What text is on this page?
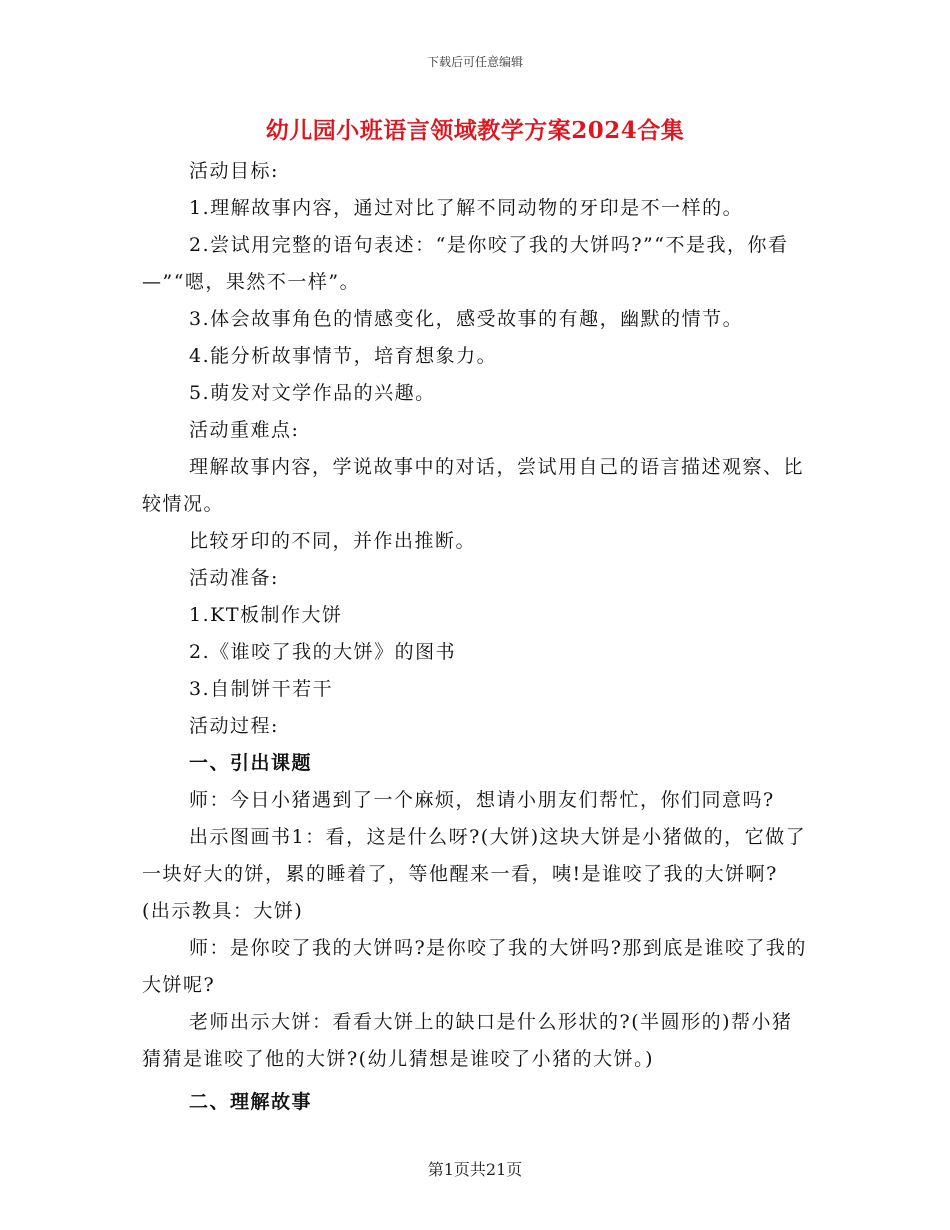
下载后可任意编辑
幼儿园小班语言领域教学方案2024合集

活动目标:

1.理解故事内容，通过对比了解不同动物的牙印是不一样的。

2.尝试用完整的语句表述：“是你咬了我的大饼吗?”“不是我，你看—”“嗯，果然不一样”。

3.体会故事角色的情感变化，感受故事的有趣，幽默的情节。

4.能分析故事情节，培育想象力。

5.萌发对文学作品的兴趣。

活动重难点:

理解故事内容，学说故事中的对话，尝试用自己的语言描述观察、比较情况。

比较牙印的不同，并作出推断。

活动准备:

1.KT板制作大饼

2.《谁咬了我的大饼》的图书

3.自制饼干若干

活动过程:

一、引出课题

师：今日小猪遇到了一个麻烦，想请小朋友们帮忙，你们同意吗?

出示图画书1：看，这是什么呀?(大饼)这块大饼是小猪做的，它做了一块好大的饼，累的睡着了，等他醒来一看，咦!是谁咬了我的大饼啊?(出示教具：大饼)

师：是你咬了我的大饼吗?是你咬了我的大饼吗?那到底是谁咬了我的大饼呢?

老师出示大饼：看看大饼上的缺口是什么形状的?(半圆形的)帮小猪猜猜是谁咬了他的大饼?(幼儿猜想是谁咬了小猪的大饼。)

二、理解故事

第1页共21页
